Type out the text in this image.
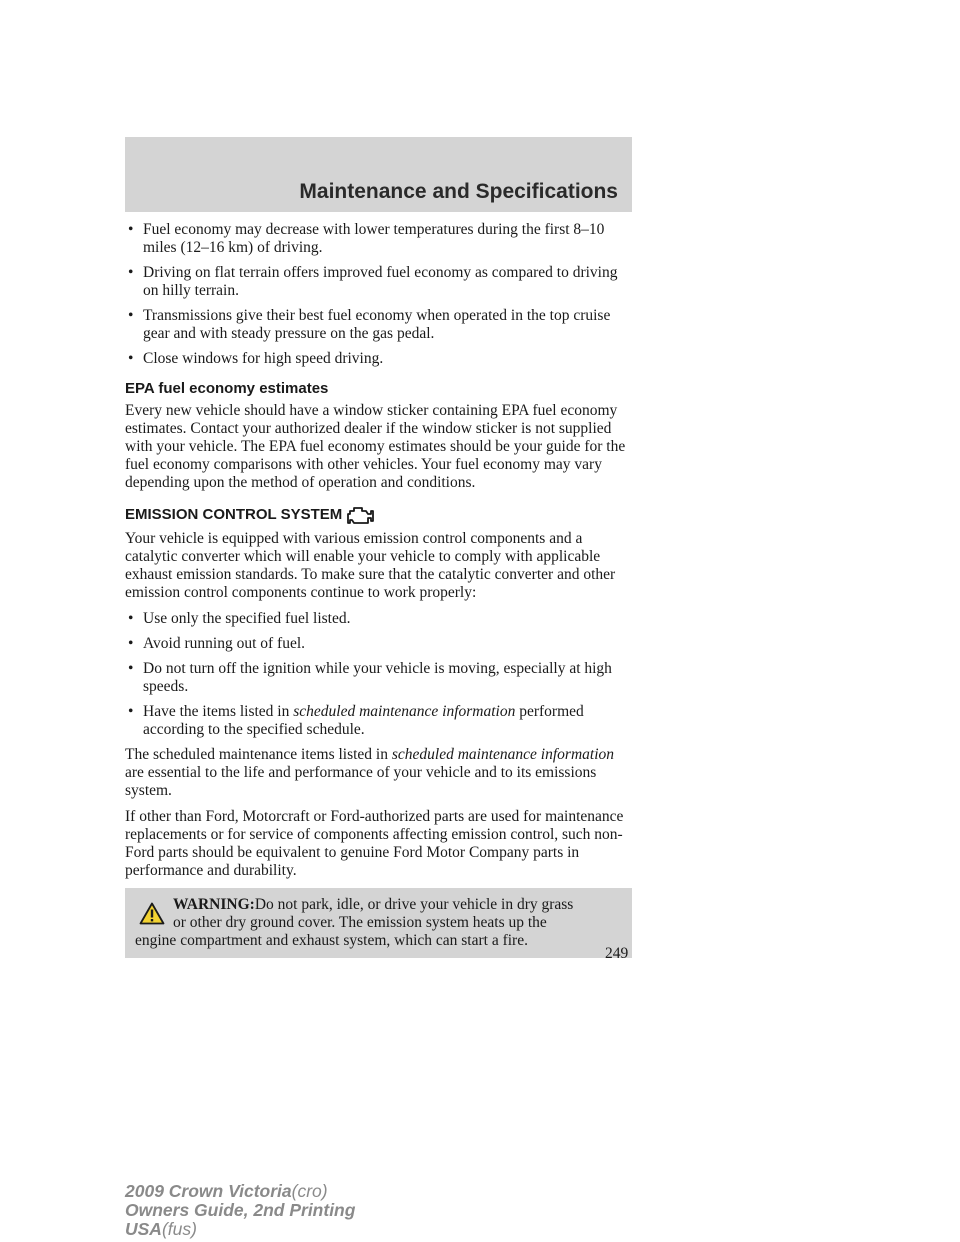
Maintenance and Specifications
• Fuel economy may decrease with lower temperatures during the first 8–10 miles (12–16 km) of driving.
• Driving on flat terrain offers improved fuel economy as compared to driving on hilly terrain.
• Transmissions give their best fuel economy when operated in the top cruise gear and with steady pressure on the gas pedal.
• Close windows for high speed driving.
EPA fuel economy estimates

Every new vehicle should have a window sticker containing EPA fuel economy estimates. Contact your authorized dealer if the window sticker is not supplied with your vehicle. The EPA fuel economy estimates should be your guide for the fuel economy comparisons with other vehicles. Your fuel economy may vary depending upon the method of operation and conditions.

EMISSION CONTROL SYSTEM

Your vehicle is equipped with various emission control components and a catalytic converter which will enable your vehicle to comply with applicable exhaust emission standards. To make sure that the catalytic converter and other emission control components continue to work properly:

• Use only the specified fuel listed.
• Avoid running out of fuel.
• Do not turn off the ignition while your vehicle is moving, especially at high speeds.
• Have the items listed in scheduled maintenance information performed according to the specified schedule.

The scheduled maintenance items listed in scheduled maintenance information are essential to the life and performance of your vehicle and to its emissions system.

If other than Ford, Motorcraft or Ford-authorized parts are used for maintenance replacements or for service of components affecting emission control, such non-Ford parts should be equivalent to genuine Ford Motor Company parts in performance and durability.

WARNING:Do not park, idle, or drive your vehicle in dry grass
or other dry ground cover. The emission system heats up the
engine compartment and exhaust system, which can start a fire.
249
2009 Crown Victoria(cro)
Owners Guide, 2nd Printing
USA(fus)
